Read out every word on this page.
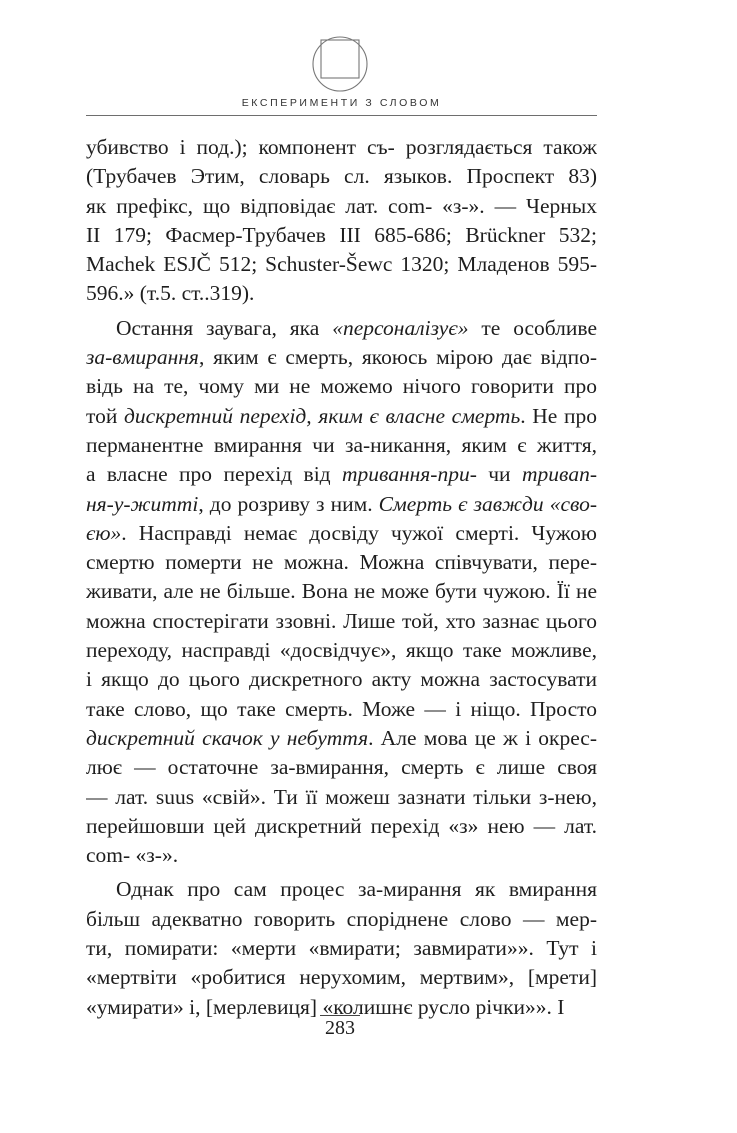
ЕКСПЕРИМЕНТИ З СЛОВОМ
убивство і под.); компонент съ- розглядається також
(Трубачев Этим, словарь сл. языков. Проспект 83)
як префікс, що відповідає лат. com- «з-». — Черных
II 179; Фасмер-Трубачев III 685-686; Brückner 532;
Machek ESJČ 512; Schuster-Šewc 1320; Младенов 595-
596.» (т.5. ст..319).
Остання заувага, яка «персоналізує» те особливе
за-вмирання, яким є смерть, якоюсь мірою дає відпо-
відь на те, чому ми не можемо нічого говорити про
той дискретний перехід, яким є власне смерть. Не про
перманентне вмирання чи за-никання, яким є життя,
а власне про перехід від тривання-при- чи тривan-
ня-у-житті, до розриву з ним. Смерть є завжди «сво-
єю». Насправді немає досвіду чужої смерті. Чужою
смертю померти не можна. Можна співчувати, пере-
живати, але не більше. Вона не може бути чужою. Її не
можна спостерігати ззовні. Лише той, хто зазнає цього
переходу, насправді «досвідчує», якщо таке можливе,
і якщо до цього дискретного акту можна застосувати
таке слово, що таке смерть. Може — і ніщо. Просто
дискретний скачок у небуття. Але мова це ж і окрес-
лює — остаточне за-вмирання, смерть є лише своя
— лат. suus «свій». Ти її можеш зазнати тільки з-нею,
перейшовши цей дискретний перехід «з» нею — лат.
com- «з-».
Однак про сам процес за-мирання як вмирання
більш адекватно говорить споріднене слово — мер-
ти, помирати: «мерти «вмирати; завмирати»». Тут і
«мертвіти «робитися нерухомим, мертвим», [мрети]
«умирати» і, [мерлевиця] «колишнє русло річки»». І
283
